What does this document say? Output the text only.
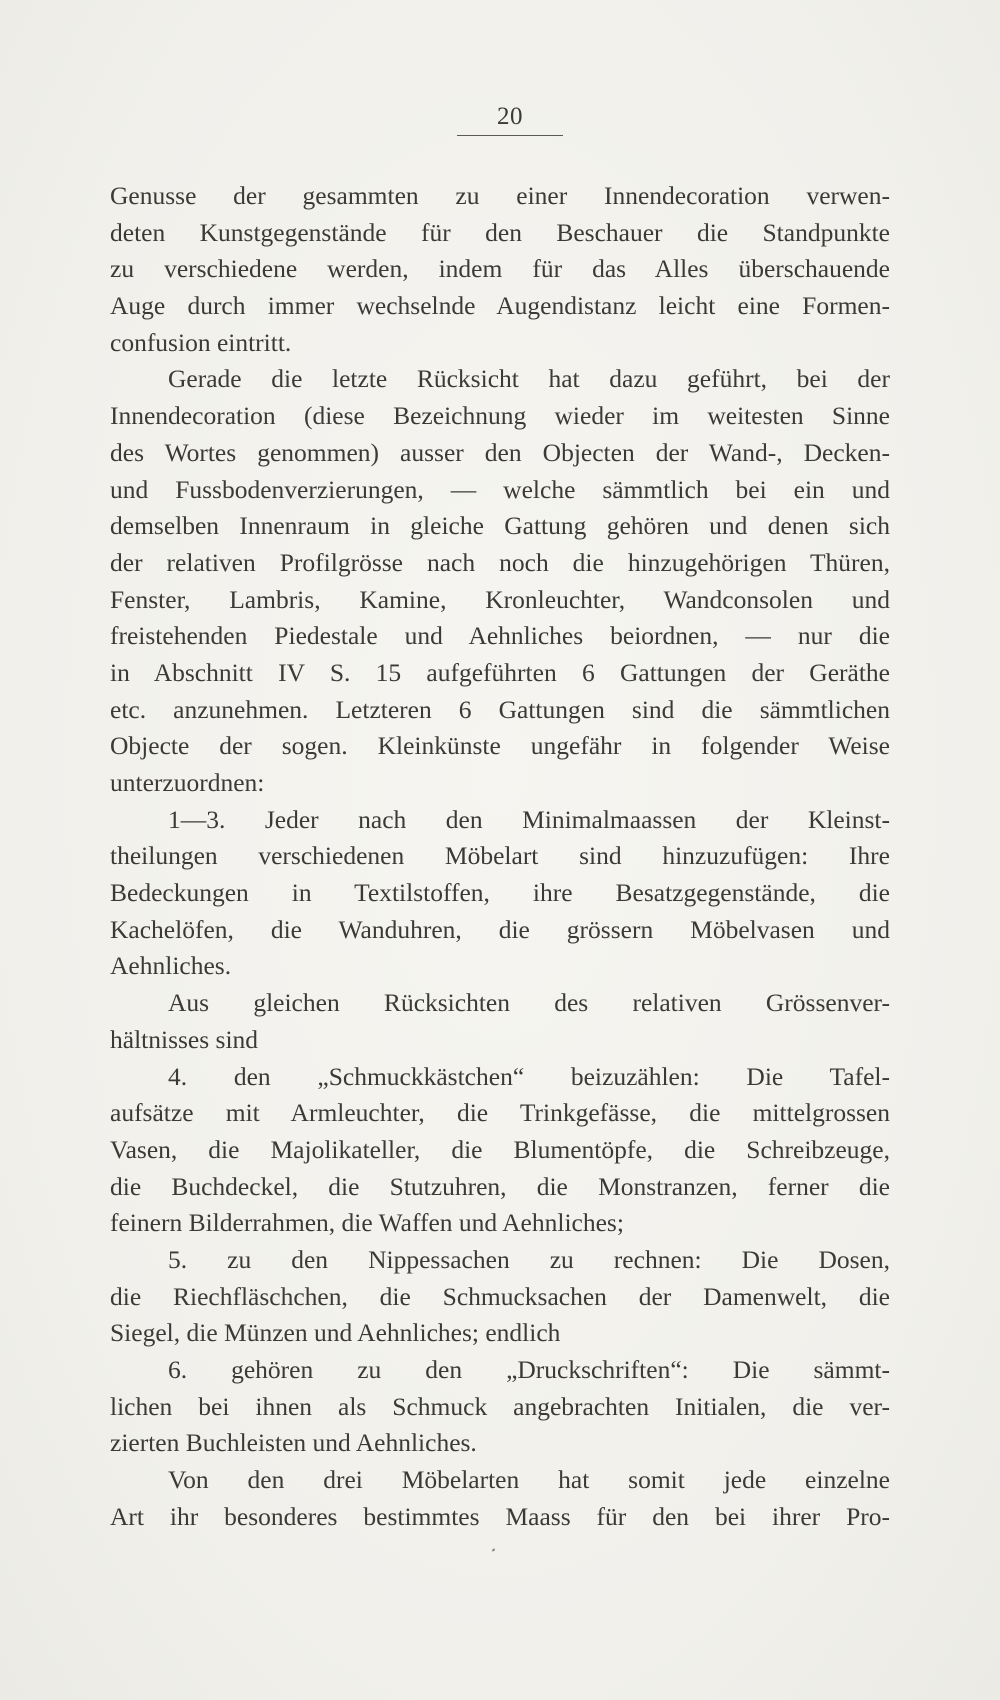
20
Genusse der gesammten zu einer Innendecoration verwen-
deten Kunstgegenstände für den Beschauer die Standpunkte
zu verschiedene werden, indem für das Alles überschauende
Auge durch immer wechselnde Augendistanz leicht eine Formen-
confusion eintritt.
Gerade die letzte Rücksicht hat dazu geführt, bei der
Innendecoration (diese Bezeichnung wieder im weitesten Sinne
des Wortes genommen) ausser den Objecten der Wand-, Decken-
und Fussbodenverzierungen, — welche sämmtlich bei ein und
demselben Innenraum in gleiche Gattung gehören und denen sich
der relativen Profilgrösse nach noch die hinzugehörigen Thüren,
Fenster, Lambris, Kamine, Kronleuchter, Wandconsolen und
freistehenden Piedestale und Aehnliches beiordnen, — nur die
in Abschnitt IV S. 15 aufgeführten 6 Gattungen der Geräthe
etc. anzunehmen. Letzteren 6 Gattungen sind die sämmtlichen
Objecte der sogen. Kleinkünste ungefähr in folgender Weise
unterzuordnen:
1—3. Jeder nach den Minimalmaassen der Kleinst-
theilungen verschiedenen Möbelart sind hinzuzufügen: Ihre
Bedeckungen in Textilstoffen, ihre Besatzgegenstände, die
Kachelöfen, die Wanduhren, die grössern Möbelvasen und
Aehnliches.
Aus gleichen Rücksichten des relativen Grössenver-
hältnisses sind
4. den „Schmuckkästchen“ beizuzählen: Die Tafel-
aufsätze mit Armleuchter, die Trinkgefässe, die mittelgrossen
Vasen, die Majolikateller, die Blumentöpfe, die Schreibzeuge,
die Buchdeckel, die Stutzuhren, die Monstranzen, ferner die
feinern Bilderrahmen, die Waffen und Aehnliches;
5. zu den Nippessachen zu rechnen: Die Dosen,
die Riechfläschchen, die Schmucksachen der Damenwelt, die
Siegel, die Münzen und Aehnliches; endlich
6. gehören zu den „Druckschriften“: Die sämmt-
lichen bei ihnen als Schmuck angebrachten Initialen, die ver-
zierten Buchleisten und Aehnliches.
Von den drei Möbelarten hat somit jede einzelne
Art ihr besonderes bestimmtes Maass für den bei ihrer Pro-
